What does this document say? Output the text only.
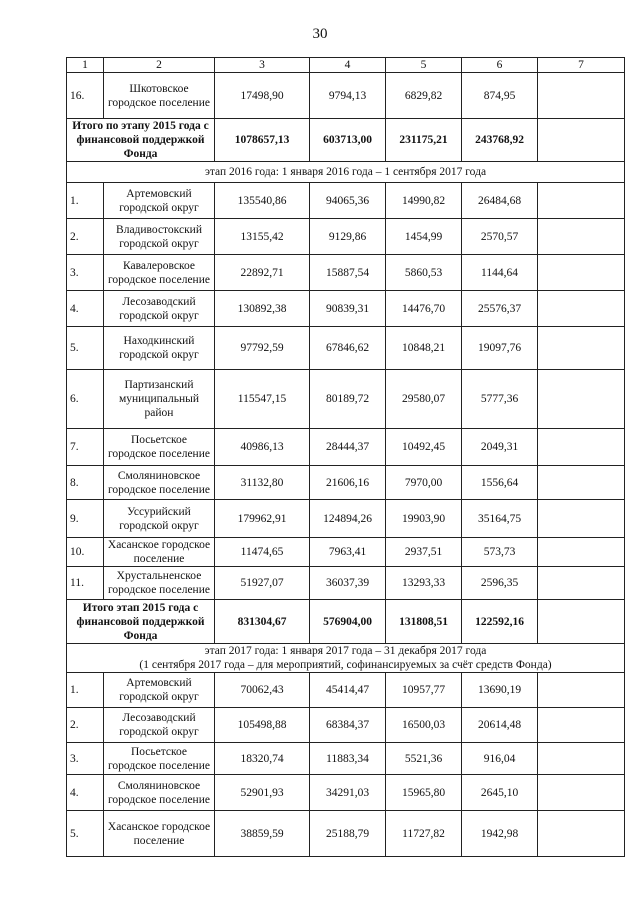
30
1	2	3	4	5	6	7
16.	Шкотовское городское поселение	17498,90	9794,13	6829,82	874,95	
Итого по этапу 2015 года с финансовой поддержкой Фонда		1078657,13	603713,00	231175,21	243768,92	

этап 2016 года: 1 января 2016 года – 1 сентября 2017 года						

1.	Артемовский городской округ	135540,86	94065,36	14990,82	26484,68	
2.	Владивостокский городской округ	13155,42	9129,86	1454,99	2570,57	
3.	Кавалеровское городское поселение	22892,71	15887,54	5860,53	1144,64	
4.	Лесозаводский городской округ	130892,38	90839,31	14476,70	25576,37	
5.	Находкинский городской округ	97792,59	67846,62	10848,21	19097,76	
6.	Партизанский муниципальный район	115547,15	80189,72	29580,07	5777,36	
7.	Посьетское городское поселение	40986,13	28444,37	10492,45	2049,31	
8.	Смоляниновское городское поселение	31132,80	21606,16	7970,00	1556,64	
9.	Уссурийский городской округ	179962,91	124894,26	19903,90	35164,75	
10.	Хасанское городское поселение	11474,65	7963,41	2937,51	573,73	
11.	Хрустальненское городское поселение	51927,07	36037,39	13293,33	2596,35	
Итого этап 2015 года с финансовой поддержкой Фонда		831304,67	576904,00	131808,51	122592,16	

этап 2017 года: 1 января 2017 года – 31 декабря 2017 года
(1 сентября 2017 года – для мероприятий, софинансируемых за счёт средств Фонда)						

1.	Артемовский городской округ	70062,43	45414,47	10957,77	13690,19	
2.	Лесозаводский городской округ	105498,88	68384,37	16500,03	20614,48	
3.	Посьетское городское поселение	18320,74	11883,34	5521,36	916,04	
4.	Смоляниновское городское поселение	52901,93	34291,03	15965,80	2645,10	
5.	Хасанское городское поселение	38859,59	25188,79	11727,82	1942,98	
